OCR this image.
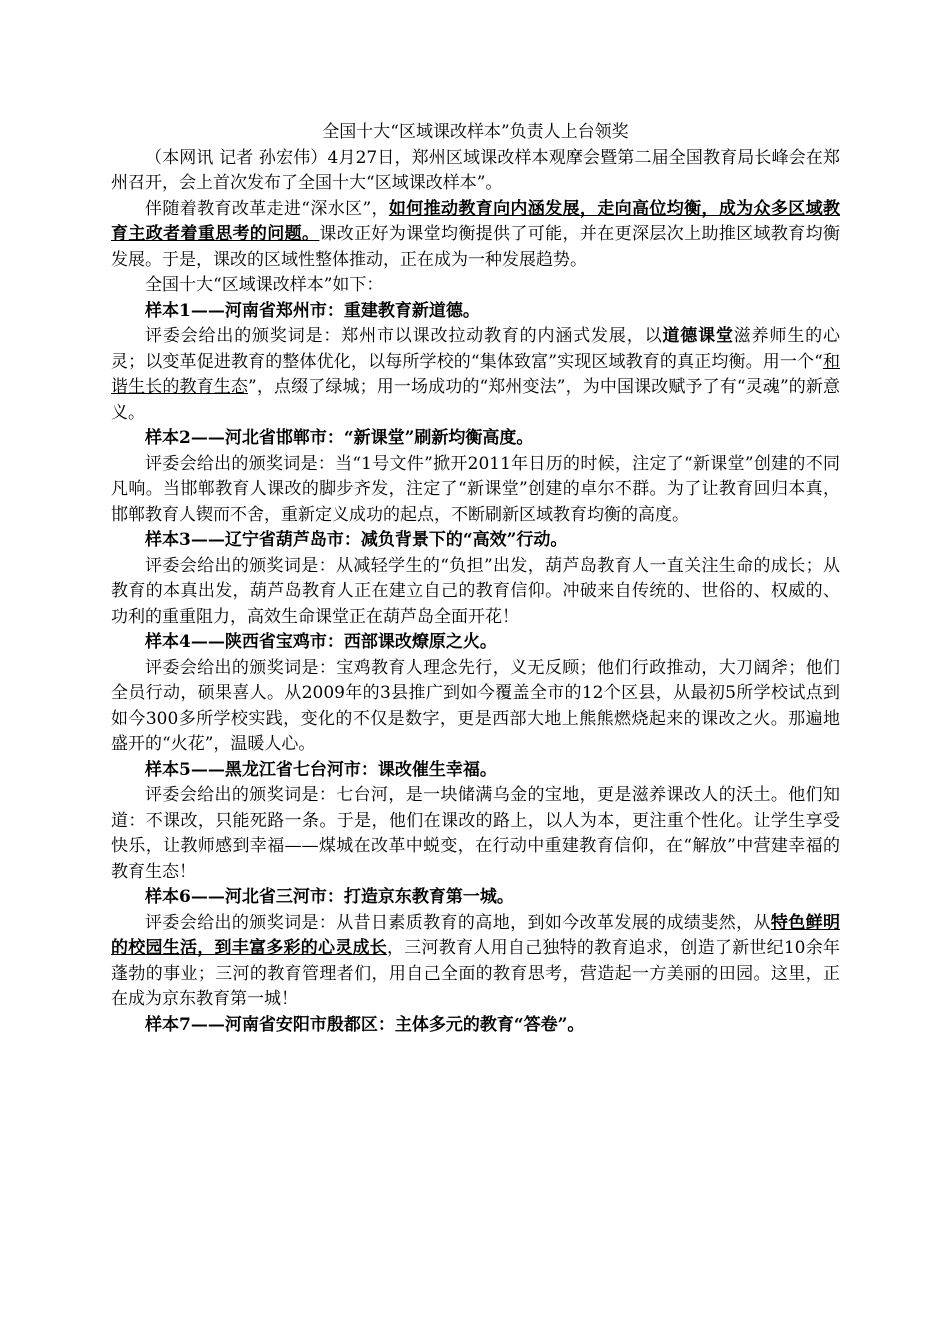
全国十大“区域课改样本”负责人上台领奖

（本网讯 记者 孙宏伟）4月27日，郑州区域课改样本观摩会暨第二届全国教育局长峰会在郑州召开，会上首次发布了全国十大“区域课改样本”。

伴随着教育改革走进“深水区”，如何推动教育向内涵发展，走向高位均衡，成为众多区域教育主政者着重思考的问题。课改正好为课堂均衡提供了可能，并在更深层次上助推区域教育均衡发展。于是，课改的区域性整体推动，正在成为一种发展趋势。

全国十大“区域课改样本”如下：

样本1——河南省郑州市：重建教育新道德。

评委会给出的颁奖词是：郑州市以课改拉动教育的内涵式发展，以道德课堂滋养师生的心灵；以变革促进教育的整体优化，以每所学校的“集体致富”实现区域教育的真正均衡。用一个“和谐生长的教育生态”，点缀了绿城；用一场成功的“郑州变法”，为中国课改赋予了有“灵魂”的新意义。

样本2——河北省邯郸市：“新课堂”刷新均衡高度。

评委会给出的颁奖词是：当“1号文件”掀开2011年日历的时候，注定了“新课堂”创建的不同凡响。当邯郸教育人课改的脚步齐发，注定了“新课堂”创建的卓尔不群。为了让教育回归本真，邯郸教育人锲而不舍，重新定义成功的起点，不断刷新区域教育均衡的高度。

样本3——辽宁省葫芦岛市：减负背景下的“高效”行动。

评委会给出的颁奖词是：从减轻学生的“负担”出发，葫芦岛教育人一直关注生命的成长；从教育的本真出发，葫芦岛教育人正在建立自己的教育信仰。冲破来自传统的、世俗的、权威的、功利的重重阻力，高效生命课堂正在葫芦岛全面开花！

样本4——陕西省宝鸡市：西部课改燎原之火。

评委会给出的颁奖词是：宝鸡教育人理念先行，义无反顾；他们行政推动，大刀阔斧；他们全员行动，硕果喜人。从2009年的3县推广到如今覆盖全市的12个区县，从最初5所学校试点到如今300多所学校实践，变化的不仅是数字，更是西部大地上熊熊燃烧起来的课改之火。那遍地盛开的“火花”，温暖人心。

样本5——黑龙江省七台河市：课改催生幸福。

评委会给出的颁奖词是：七台河，是一块储满乌金的宝地，更是滋养课改人的沃土。他们知道：不课改，只能死路一条。于是，他们在课改的路上，以人为本，更注重个性化。让学生享受快乐，让教师感到幸福——煤城在改革中蜕变，在行动中重建教育信仰，在“解放”中营建幸福的教育生态！

样本6——河北省三河市：打造京东教育第一城。

评委会给出的颁奖词是：从昔日素质教育的高地，到如今改革发展的成绩斐然，从特色鲜明的校园生活，到丰富多彩的心灵成长，三河教育人用自己独特的教育追求，创造了新世纪10余年蓬勃的事业；三河的教育管理者们，用自己全面的教育思考，营造起一方美丽的田园。这里，正在成为京东教育第一城！

样本7——河南省安阳市殷都区：主体多元的教育“答卷”。
